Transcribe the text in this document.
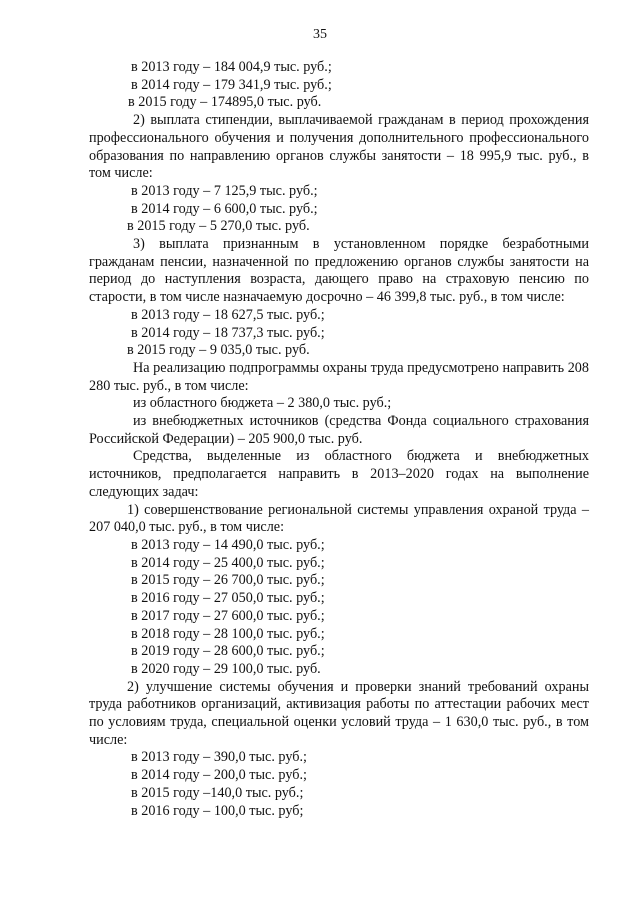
35
в 2013 году – 184 004,9 тыс. руб.;
в 2014 году – 179 341,9 тыс. руб.;
в 2015 году – 174895,0 тыс. руб.

2) выплата стипендии, выплачиваемой гражданам в период прохождения профессионального обучения и получения дополнительного профессионального образования по направлению органов службы занятости – 18 995,9 тыс. руб., в том числе:

в 2013 году – 7 125,9 тыс. руб.;
в 2014 году – 6 600,0 тыс. руб.;
в 2015 году – 5 270,0 тыс. руб.

3) выплата признанным в установленном порядке безработными гражданам пенсии, назначенной по предложению органов службы занятости на период до наступления возраста, дающего право на страховую пенсию по старости, в том числе назначаемую досрочно – 46 399,8 тыс. руб., в том числе:

в 2013 году – 18 627,5 тыс. руб.;
в 2014 году – 18 737,3 тыс. руб.;
в 2015 году – 9 035,0 тыс. руб.

На реализацию подпрограммы охраны труда предусмотрено направить 208 280 тыс. руб., в том числе:

из областного бюджета – 2 380,0 тыс. руб.;

из внебюджетных источников (средства Фонда социального страхования Российской Федерации) – 205 900,0 тыс. руб.

Средства, выделенные из областного бюджета и внебюджетных источников, предполагается направить в 2013–2020 годах на выполнение следующих задач:

1) совершенствование региональной системы управления охраной труда – 207 040,0 тыс. руб., в том числе:

в 2013 году – 14 490,0 тыс. руб.;
в 2014 году – 25 400,0 тыс. руб.;
в 2015 году – 26 700,0 тыс. руб.;
в 2016 году – 27 050,0 тыс. руб.;
в 2017 году – 27 600,0 тыс. руб.;
в 2018 году – 28 100,0 тыс. руб.;
в 2019 году – 28 600,0 тыс. руб.;
в 2020 году – 29 100,0 тыс. руб.

2) улучшение системы обучения и проверки знаний требований охраны труда работников организаций, активизация работы по аттестации рабочих мест по условиям труда, специальной оценки условий труда – 1 630,0 тыс. руб., в том числе:

в 2013 году – 390,0 тыс. руб.;
в 2014 году – 200,0 тыс. руб.;
в 2015 году –140,0 тыс. руб.;
в 2016 году – 100,0 тыс. руб;
